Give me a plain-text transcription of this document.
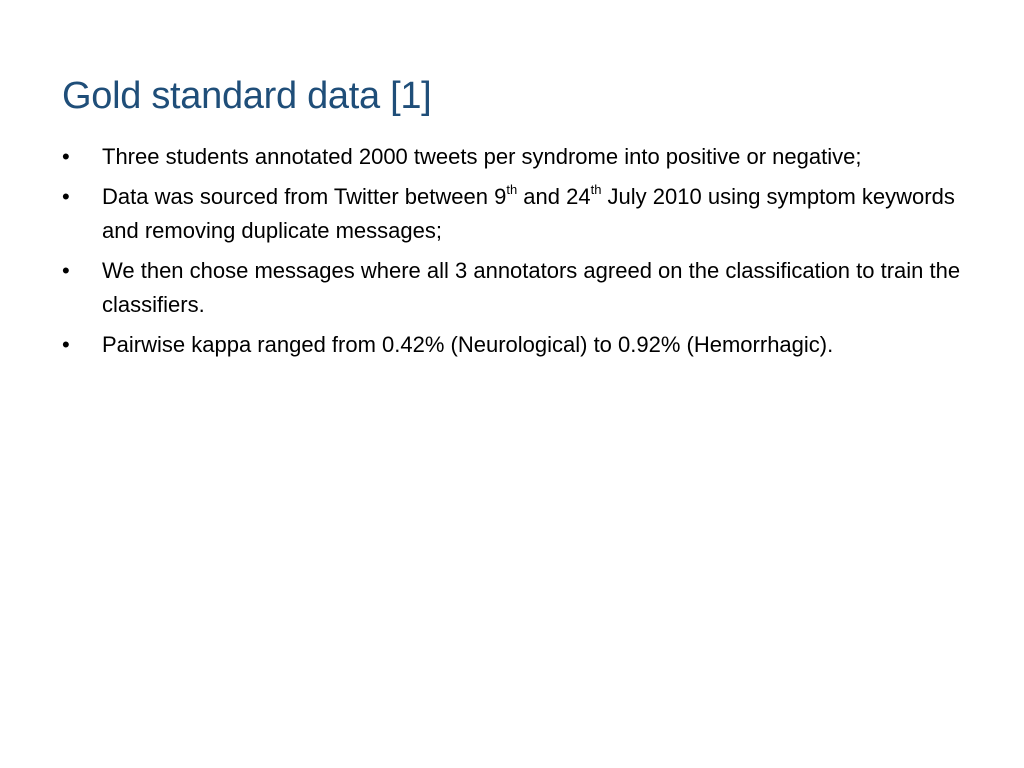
Gold standard data [1]
• Three students annotated 2000 tweets per syndrome into positive or negative;
• Data was sourced from Twitter between 9th and 24th July 2010 using symptom keywords and removing duplicate messages;
• We then chose messages where all 3 annotators agreed on the classification to train the classifiers.
• Pairwise kappa ranged from 0.42% (Neurological) to 0.92% (Hemorrhagic).
